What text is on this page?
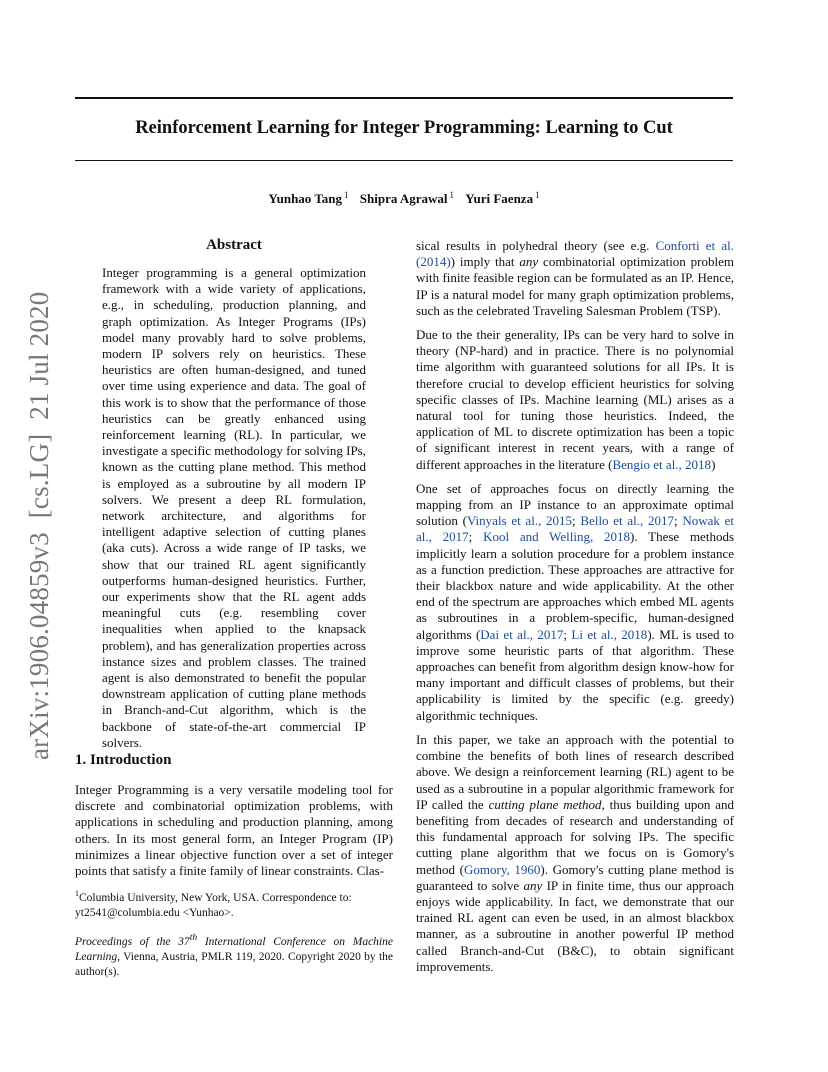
Reinforcement Learning for Integer Programming: Learning to Cut
Yunhao Tang $^1$ Shipra Agrawal $^1$ Yuri Faenza $^1$
arXiv:1906.04859v3  [cs.LG]  21 Jul 2020
Abstract
Integer programming is a general optimization framework with a wide variety of applications, e.g., in scheduling, production planning, and graph optimization. As Integer Programs (IPs) model many provably hard to solve problems, modern IP solvers rely on heuristics. These heuristics are often human-designed, and tuned over time using experience and data. The goal of this work is to show that the performance of those heuristics can be greatly enhanced using reinforcement learning (RL). In particular, we investigate a specific methodology for solving IPs, known as the cutting plane method. This method is employed as a subroutine by all modern IP solvers. We present a deep RL formulation, network architecture, and algorithms for intelligent adaptive selection of cutting planes (aka cuts). Across a wide range of IP tasks, we show that our trained RL agent significantly outperforms human-designed heuristics. Further, our experiments show that the RL agent adds meaningful cuts (e.g. resembling cover inequalities when applied to the knapsack problem), and has generalization properties across instance sizes and problem classes. The trained agent is also demonstrated to benefit the popular downstream application of cutting plane methods in Branch-and-Cut algorithm, which is the backbone of state-of-the-art commercial IP solvers.
1. Introduction
Integer Programming is a very versatile modeling tool for discrete and combinatorial optimization problems, with applications in scheduling and production planning, among others. In its most general form, an Integer Program (IP) minimizes a linear objective function over a set of integer points that satisfy a finite family of linear constraints. Clas-
$^1$Columbia University, New York, USA. Correspondence to: yt2541@columbia.edu <Yunhao>.
Proceedings of the 37th International Conference on Machine Learning, Vienna, Austria, PMLR 119, 2020. Copyright 2020 by the author(s).

sical results in polyhedral theory (see e.g. Conforti et al. (2014)) imply that any combinatorial optimization problem with finite feasible region can be formulated as an IP. Hence, IP is a natural model for many graph optimization problems, such as the celebrated Traveling Salesman Problem (TSP).

Due to the their generality, IPs can be very hard to solve in theory (NP-hard) and in practice. There is no polynomial time algorithm with guaranteed solutions for all IPs. It is therefore crucial to develop efficient heuristics for solving specific classes of IPs. Machine learning (ML) arises as a natural tool for tuning those heuristics. Indeed, the application of ML to discrete optimization has been a topic of significant interest in recent years, with a range of different approaches in the literature (Bengio et al., 2018)

One set of approaches focus on directly learning the mapping from an IP instance to an approximate optimal solution (Vinyals et al., 2015; Bello et al., 2017; Nowak et al., 2017; Kool and Welling, 2018). These methods implicitly learn a solution procedure for a problem instance as a function prediction. These approaches are attractive for their blackbox nature and wide applicability. At the other end of the spectrum are approaches which embed ML agents as subroutines in a problem-specific, human-designed algorithms (Dai et al., 2017; Li et al., 2018). ML is used to improve some heuristic parts of that algorithm. These approaches can benefit from algorithm design know-how for many important and difficult classes of problems, but their applicability is limited by the specific (e.g. greedy) algorithmic techniques.

In this paper, we take an approach with the potential to combine the benefits of both lines of research described above. We design a reinforcement learning (RL) agent to be used as a subroutine in a popular algorithmic framework for IP called the cutting plane method, thus building upon and benefiting from decades of research and understanding of this fundamental approach for solving IPs. The specific cutting plane algorithm that we focus on is Gomory's method (Gomory, 1960). Gomory's cutting plane method is guaranteed to solve any IP in finite time, thus our approach enjoys wide applicability. In fact, we demonstrate that our trained RL agent can even be used, in an almost blackbox manner, as a subroutine in another powerful IP method called Branch-and-Cut (B&C), to obtain significant improvements.
